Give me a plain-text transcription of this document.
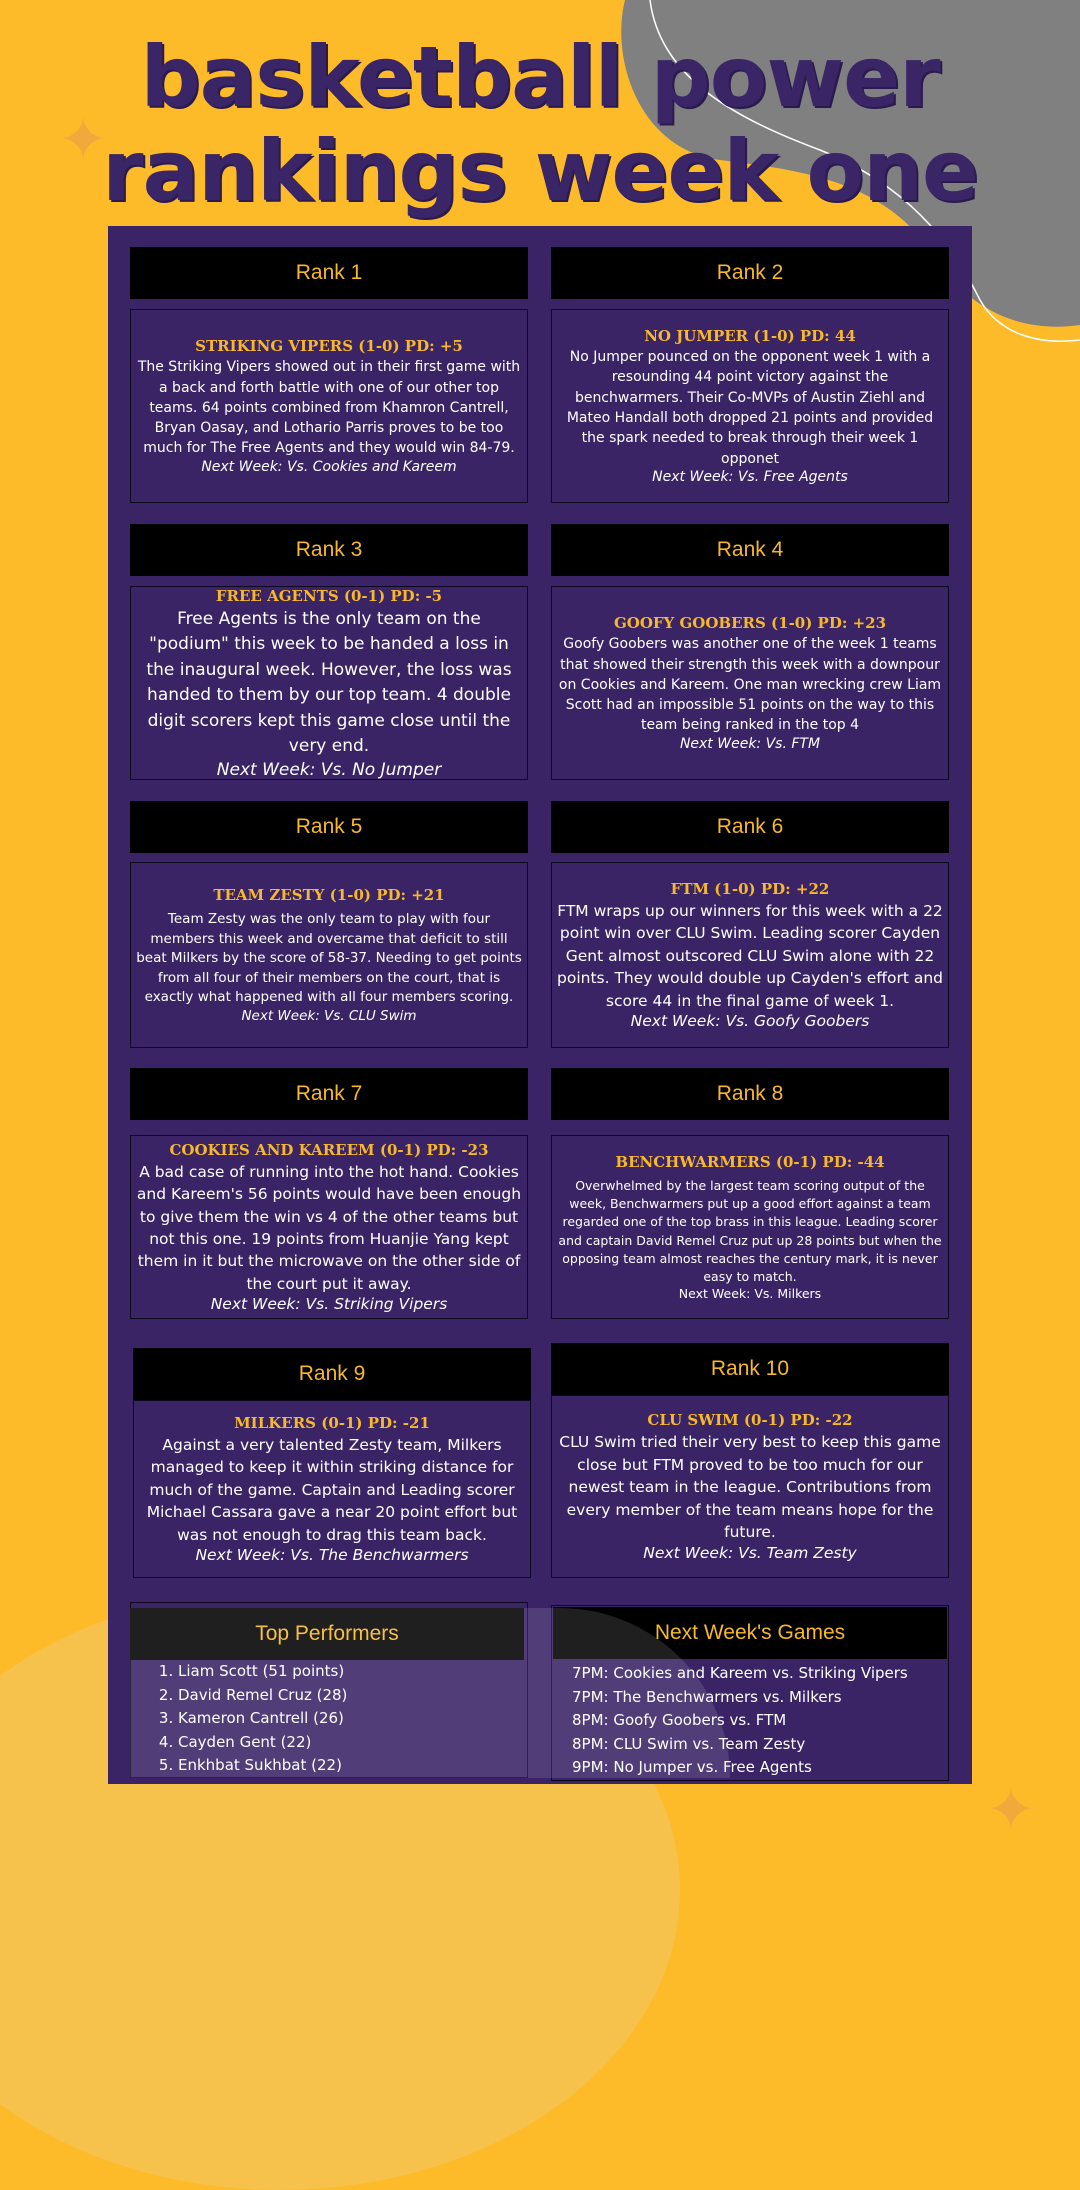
✦
✦
basketball power
rankings week one
Rank 1
STRIKING VIPERS (1-0) PD: +5
The Striking Vipers showed out in their first game with a back and forth battle with one of our other top teams. 64 points combined from Khamron Cantrell, Bryan Oasay, and Lothario Parris proves to be too much for The Free Agents and they would win 84-79.
Next Week: Vs. Cookies and Kareem
Rank 2
NO JUMPER (1-0) PD: 44
No Jumper pounced on the opponent week 1 with a resounding 44 point victory against the benchwarmers. Their Co-MVPs of Austin Ziehl and Mateo Handall both dropped 21 points and provided the spark needed to break through their week 1 opponet
Next Week: Vs. Free Agents
Rank 3
FREE AGENTS (0-1) PD: -5
Free Agents is the only team on the "podium" this week to be handed a loss in the inaugural week. However, the loss was handed to them by our top team. 4 double digit scorers kept this game close until the very end.
Next Week: Vs. No Jumper
Rank 4
GOOFY GOOBERS (1-0) PD: +23
Goofy Goobers was another one of the week 1 teams that showed their strength this week with a downpour on Cookies and Kareem. One man wrecking crew Liam Scott had an impossible 51 points on the way to this team being ranked in the top 4
Next Week: Vs. FTM
Rank 5
TEAM ZESTY (1-0) PD: +21
Team Zesty was the only team to play with four members this week and overcame that deficit to still beat Milkers by the score of 58-37. Needing to get points from all four of their members on the court, that is exactly what happened with all four members scoring.
Next Week: Vs. CLU Swim
Rank 6
FTM (1-0) PD: +22
FTM wraps up our winners for this week with a 22 point win over CLU Swim. Leading scorer Cayden Gent almost outscored CLU Swim alone with 22 points. They would double up Cayden's effort and score 44 in the final game of week 1.
Next Week: Vs. Goofy Goobers
Rank 7
COOKIES AND KAREEM (0-1) PD: -23
A bad case of running into the hot hand. Cookies and Kareem's 56 points would have been enough to give them the win vs 4 of the other teams but not this one. 19 points from Huanjie Yang kept them in it but the microwave on the other side of the court put it away.
Next Week: Vs. Striking Vipers
Rank 8
BENCHWARMERS (0-1) PD: -44
Overwhelmed by the largest team scoring output of the week, Benchwarmers put up a good effort against a team regarded one of the top brass in this league. Leading scorer and captain David Remel Cruz put up 28 points but when the opposing team almost reaches the century mark, it is never easy to match.
Next Week: Vs. Milkers
Rank 9
MILKERS (0-1) PD: -21
Against a very talented Zesty team, Milkers managed to keep it within striking distance for much of the game. Captain and Leading scorer Michael Cassara gave a near 20 point effort but was not enough to drag this team back.
Next Week: Vs. The Benchwarmers
Rank 10
CLU SWIM (0-1) PD: -22
CLU Swim tried their very best to keep this game close but FTM proved to be too much for our newest team in the league. Contributions from every member of the team means hope for the future.
Next Week: Vs. Team Zesty
Top Performers
1. Liam Scott (51 points)
2. David Remel Cruz (28)
3. Kameron Cantrell (26)
4. Cayden Gent (22)
5. Enkhbat Sukhbat (22)
Next Week's Games
7PM: Cookies and Kareem vs. Striking Vipers
7PM: The Benchwarmers vs. Milkers
8PM: Goofy Goobers vs. FTM
8PM: CLU Swim vs. Team Zesty
9PM: No Jumper vs. Free Agents
